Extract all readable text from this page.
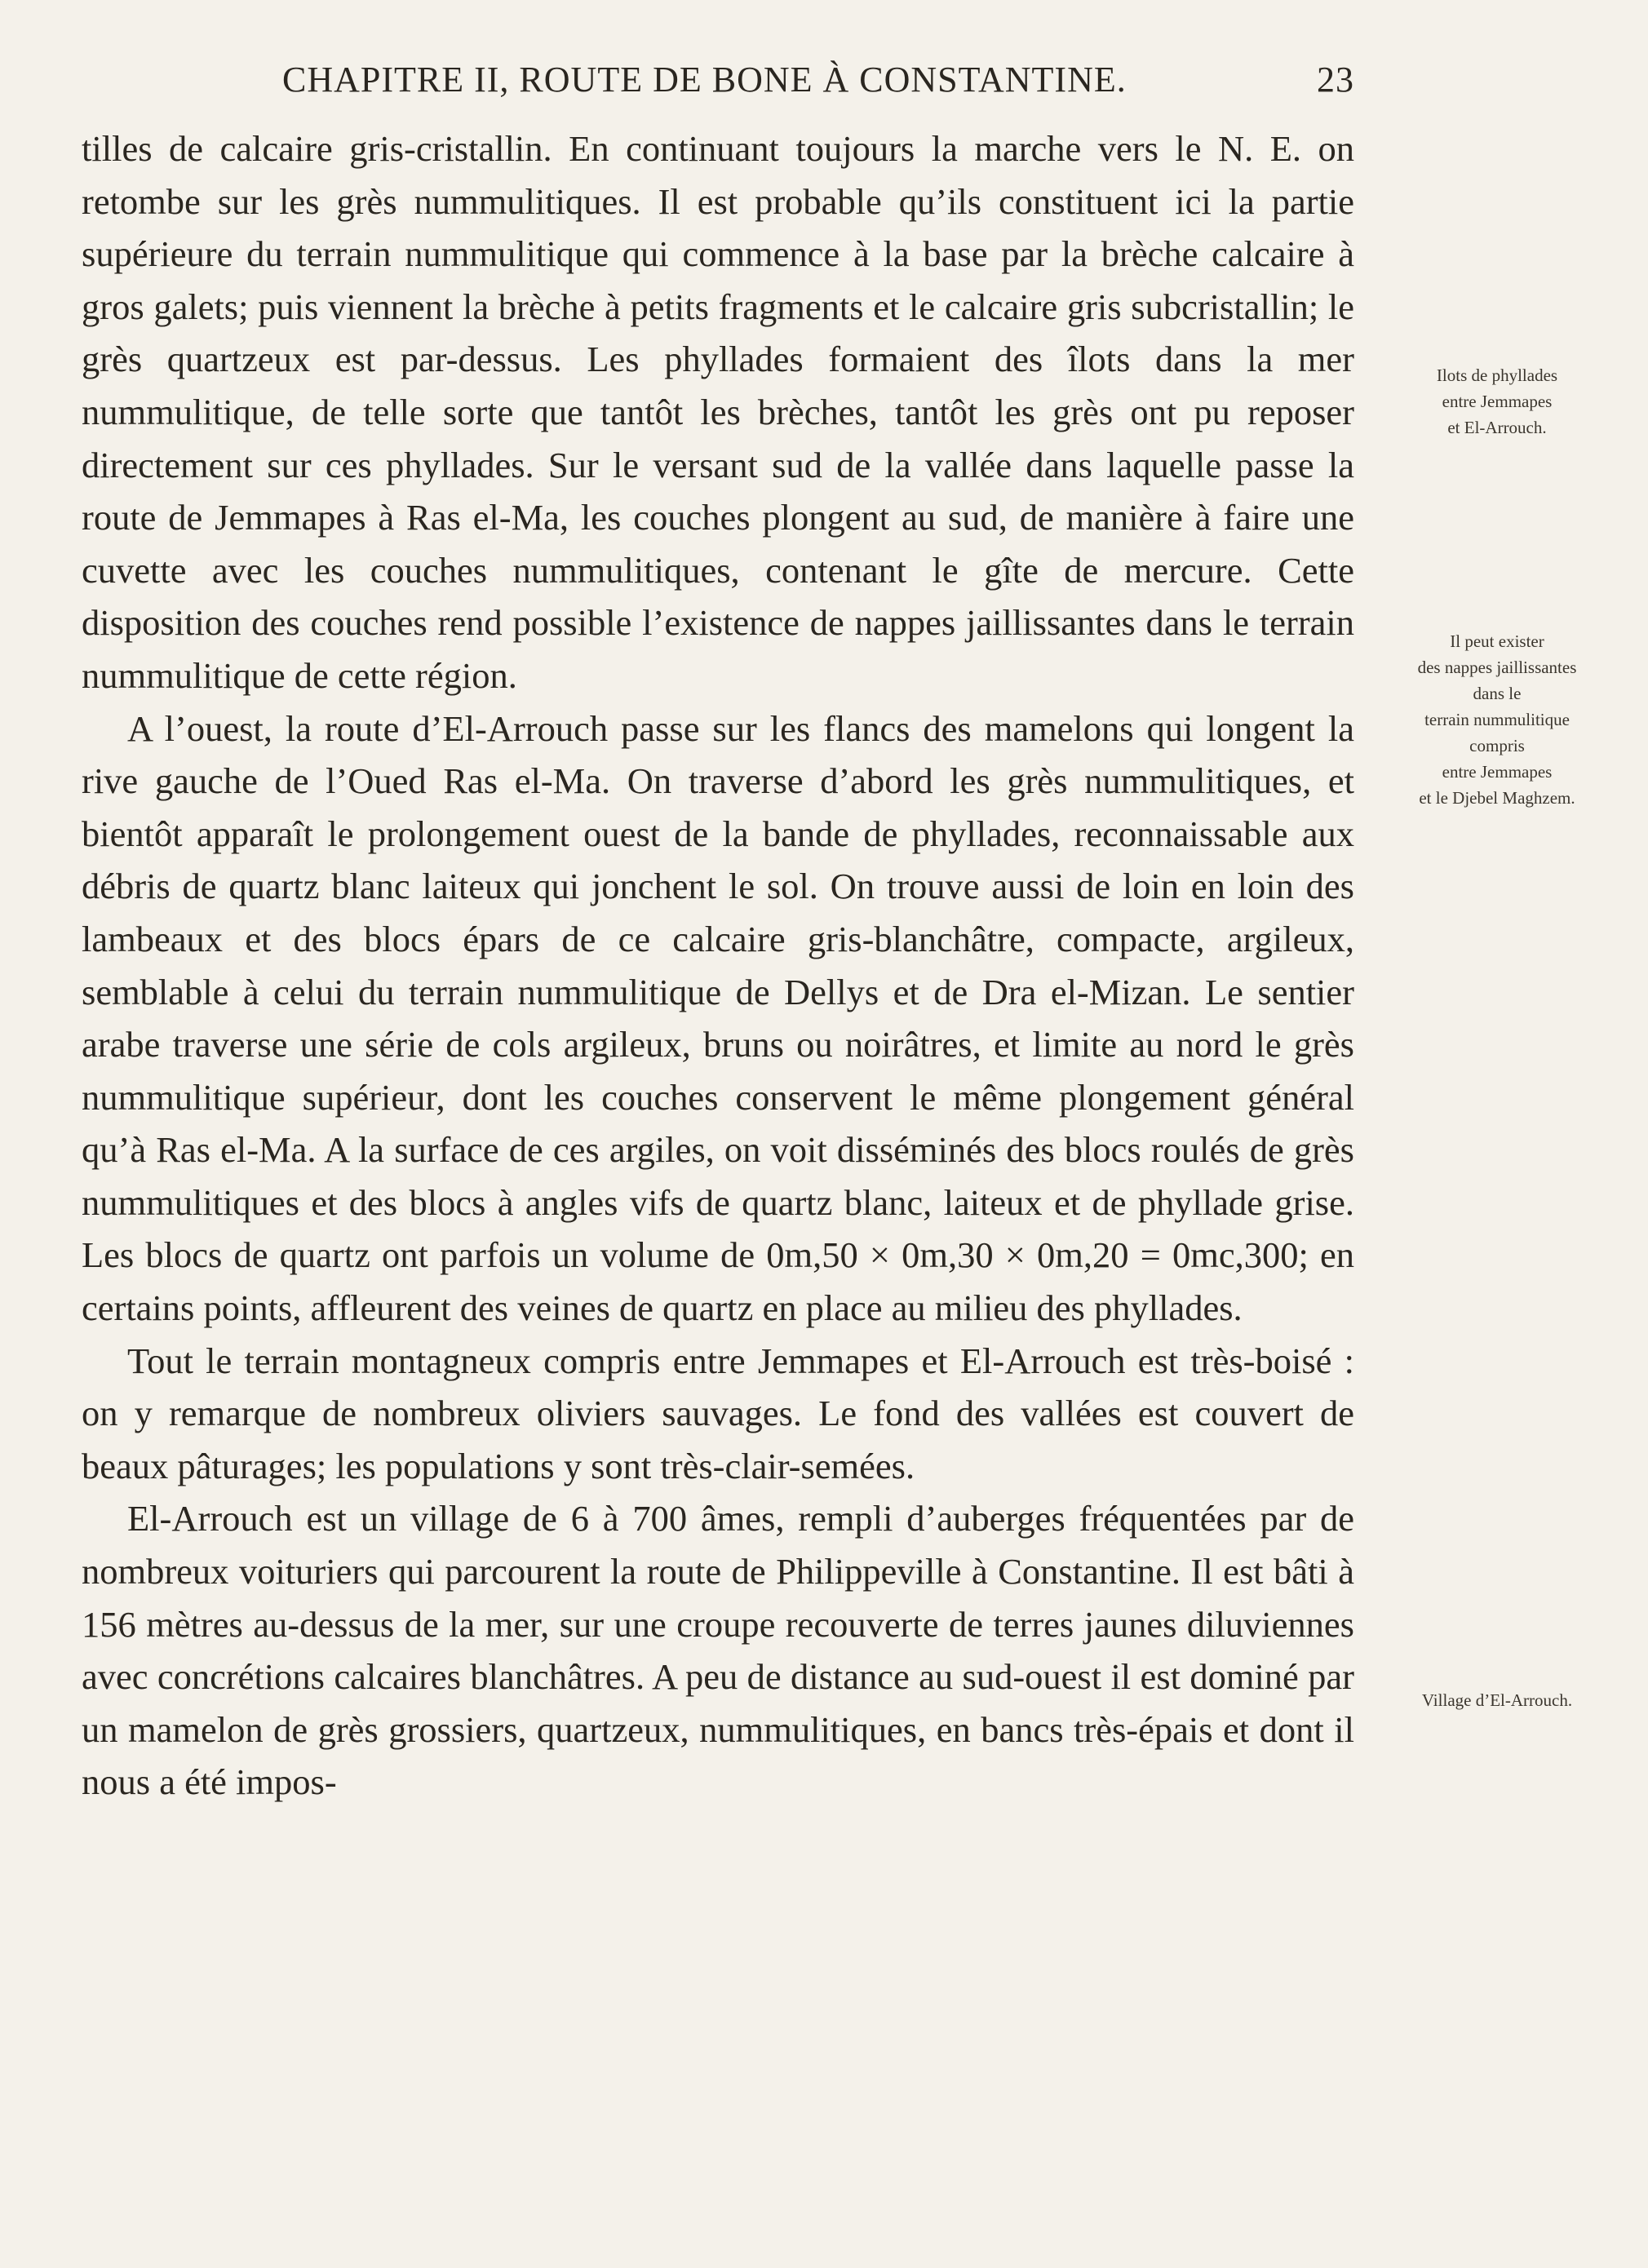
CHAPITRE II, ROUTE DE BONE À CONSTANTINE.	23

tilles de calcaire gris-cristallin. En continuant toujours la marche vers le N. E. on retombe sur les grès nummulitiques. Il est probable qu’ils constituent ici la partie supérieure du terrain nummulitique qui commence à la base par la brèche calcaire à gros galets; puis viennent la brèche à petits fragments et le calcaire gris subcristallin; le grès quartzeux est par-dessus. Les phyllades formaient des îlots dans la mer nummulitique, de telle sorte que tantôt les brèches, tantôt les grès ont pu reposer directement sur ces phyllades. Sur le versant sud de la vallée dans laquelle passe la route de Jemmapes à Ras el-Ma, les couches plongent au sud, de manière à faire une cuvette avec les couches nummulitiques, contenant le gîte de mercure. Cette disposition des couches rend possible l’existence de nappes jaillissantes dans le terrain nummulitique de cette région.

A l’ouest, la route d’El-Arrouch passe sur les flancs des mamelons qui longent la rive gauche de l’Oued Ras el-Ma. On traverse d’abord les grès nummulitiques, et bientôt apparaît le prolongement ouest de la bande de phyllades, reconnaissable aux débris de quartz blanc laiteux qui jonchent le sol. On trouve aussi de loin en loin des lambeaux et des blocs épars de ce calcaire gris-blanchâtre, compacte, argileux, semblable à celui du terrain nummulitique de Dellys et de Dra el-Mizan. Le sentier arabe traverse une série de cols argileux, bruns ou noirâtres, et limite au nord le grès nummulitique supérieur, dont les couches conservent le même plongement général qu’à Ras el-Ma. A la surface de ces argiles, on voit disséminés des blocs roulés de grès nummulitiques et des blocs à angles vifs de quartz blanc, laiteux et de phyllade grise. Les blocs de quartz ont parfois un volume de 0m,50 × 0m,30 × 0m,20 = 0mc,300; en certains points, affleurent des veines de quartz en place au milieu des phyllades.

Tout le terrain montagneux compris entre Jemmapes et El-Arrouch est très-boisé : on y remarque de nombreux oliviers sauvages. Le fond des vallées est couvert de beaux pâturages; les populations y sont très-clair-semées.

El-Arrouch est un village de 6 à 700 âmes, rempli d’auberges fréquentées par de nombreux voituriers qui parcourent la route de Philippeville à Constantine. Il est bâti à 156 mètres au-dessus de la mer, sur une croupe recouverte de terres jaunes diluviennes avec concrétions calcaires blanchâtres. A peu de distance au sud-ouest il est dominé par un mamelon de grès grossiers, quartzeux, nummulitiques, en bancs très-épais et dont il nous a été impos-

Ilots de phyllades
entre Jemmapes
et El-Arrouch.
Il peut exister
des nappes jaillissantes
dans le
terrain nummulitique
compris
entre Jemmapes
et le Djebel Maghzem.
Village d’El-Arrouch.
